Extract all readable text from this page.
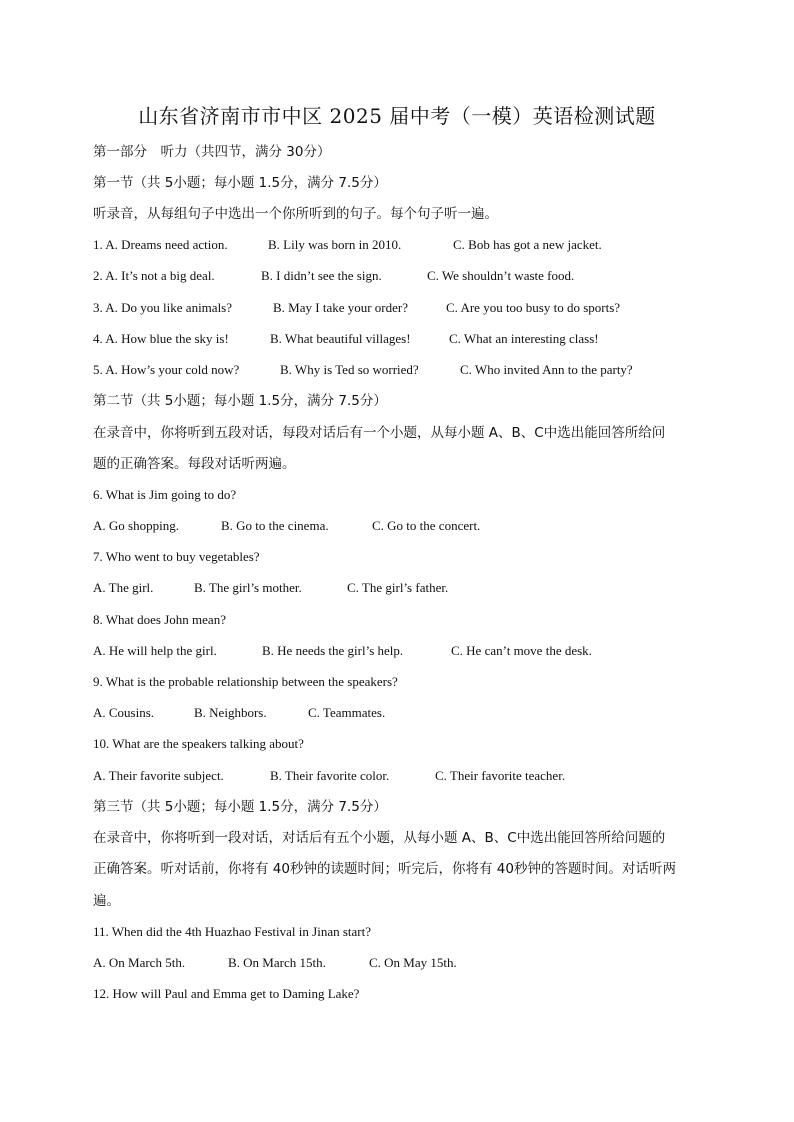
山东省济南市市中区 2025 届中考（一模）英语检测试题
第一部分　听力（共四节，满分 30分）
第一节（共 5小题；每小题 1.5分，满分 7.5分）
听录音，从每组句子中选出一个你所听到的句子。每个句子听一遍。
1. A. Dreams need action.	B. Lily was born in 2010.	C. Bob has got a new jacket.
2. A. It’s not a big deal.	B. I didn’t see the sign.	C. We shouldn’t waste food.
3. A. Do you like animals?	B. May I take your order?	C. Are you too busy to do sports?
4. A. How blue the sky is!	B. What beautiful villages!	C. What an interesting class!
5. A. How’s your cold now?	B. Why is Ted so worried?	C. Who invited Ann to the party?
第二节（共 5小题；每小题 1.5分，满分 7.5分）
在录音中，你将听到五段对话，每段对话后有一个小题，从每小题 A、B、C中选出能回答所给问
题的正确答案。每段对话听两遍。
6. What is Jim going to do?
A. Go shopping.	B. Go to the cinema.	C. Go to the concert.
7. Who went to buy vegetables?
A. The girl.	B. The girl’s mother.	C. The girl’s father.
8. What does John mean?
A. He will help the girl.	B. He needs the girl’s help.	C. He can’t move the desk.
9. What is the probable relationship between the speakers?
A. Cousins.	B. Neighbors.	C. Teammates.
10. What are the speakers talking about?
A. Their favorite subject.	B. Their favorite color.	C. Their favorite teacher.
第三节（共 5小题；每小题 1.5分，满分 7.5分）
在录音中，你将听到一段对话，对话后有五个小题，从每小题 A、B、C中选出能回答所给问题的
正确答案。听对话前，你将有 40秒钟的读题时间；听完后，你将有 40秒钟的答题时间。对话听两
遍。
11. When did the 4th Huazhao Festival in Jinan start?
A. On March 5th.	B. On March 15th.	C. On May 15th.
12. How will Paul and Emma get to Daming Lake?
